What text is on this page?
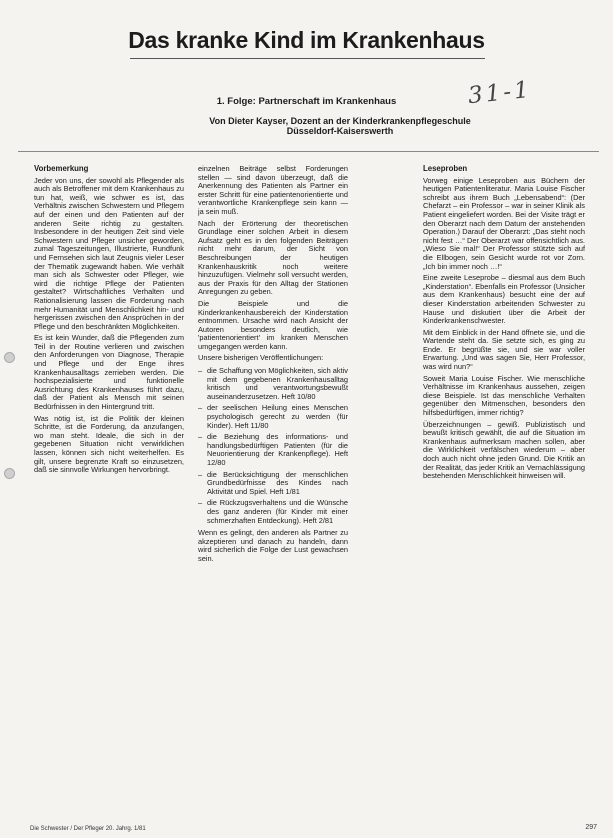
Das kranke Kind im Krankenhaus
31-1
1. Folge: Partnerschaft im Krankenhaus
Von Dieter Kayser, Dozent an der Kinderkrankenpflegeschule
Düsseldorf-Kaiserswerth
Vorbemerkung

Jeder von uns, der sowohl als Pflegender als auch als Betroffener mit dem Krankenhaus zu tun hat, weiß, wie schwer es ist, das Verhältnis zwischen Schwestern und Pflegern auf der einen und den Patienten auf der anderen Seite richtig zu gestalten. Insbesondere in der heutigen Zeit sind viele Schwestern und Pfleger unsicher geworden, zumal Tageszeitungen, Illustrierte, Rundfunk und Fernsehen sich laut Zeugnis vieler Leser der Thematik zugewandt haben. Wie verhält man sich als Schwester oder Pfleger, wie wird die richtige Pflege der Patienten gestaltet? Wirtschaftliches Verhalten und Rationalisierung lassen die Forderung nach mehr Humanität und Menschlichkeit hin- und hergerissen zwischen den Ansprüchen in der Pflege und den beschränkten Möglichkeiten.

Es ist kein Wunder, daß die Pflegenden zum Teil in der Routine verlieren und zwischen den Anforderungen von Diagnose, Therapie und Pflege und der Enge ihres Krankenhausalltags zerrieben werden. Die hochspezialisierte und funktionelle Ausrichtung des Krankenhauses führt dazu, daß der Patient als Mensch mit seinen Bedürfnissen in den Hintergrund tritt.

Was nötig ist, ist die Politik der kleinen Schritte, ist die Forderung, da anzufangen, wo man steht. Ideale, die sich in der gegebenen Situation nicht verwirklichen lassen, können sich nicht weiterhelfen. Es gilt, unsere begrenzte Kraft so einzusetzen, daß sie sinnvolle Wirkungen hervorbringt.

einzelnen Beiträge selbst Forderungen stellen — sind davon überzeugt, daß die Anerkennung des Patienten als Partner ein erster Schritt für eine patientenorientierte und verantwortliche Krankenpflege sein kann — ja sein muß.

Nach der Erörterung der theoretischen Grundlage einer solchen Arbeit in diesem Aufsatz geht es in den folgenden Beiträgen nicht mehr darum, der Sicht von Beschreibungen der heutigen Krankenhauskritik noch weitere hinzuzufügen. Vielmehr soll versucht werden, aus der Praxis für den Alltag der Stationen Anregungen zu geben.

Die Beispiele und die Kinderkrankenhausbereich der Kinderstation entnommen. Ursache wird nach Ansicht der Autoren besonders deutlich, wie 'patientenorientiert' im kranken Menschen umgegangen werden kann.

Unsere bisherigen Veröffentlichungen:

– die Schaffung von Möglichkeiten, sich aktiv mit dem gegebenen Krankenhausalltag kritisch und verantwortungsbewußt auseinanderzusetzen. Heft 10/80
– der seelischen Heilung eines Menschen psychologisch gerecht zu werden (für Kinder). Heft 11/80
– die Beziehung des informations- und handlungsbedürftigen Patienten (für die Neuorientierung der Krankenpflege). Heft 12/80
– die Berücksichtigung der menschlichen Grundbedürfnisse des Kindes nach Aktivität und Spiel. Heft 1/81
– die Rückzugsverhaltens und die Wünsche des ganz anderen (für Kinder mit einer schmerzhaften Entdeckung). Heft 2/81

Wenn es gelingt, den anderen als Partner zu akzeptieren und danach zu handeln, dann wird sicherlich die Folge der Lust gewachsen sein.

Leseproben

Vorweg einige Leseproben aus Büchern der heutigen Patientenliteratur. Maria Louise Fischer schreibt aus ihrem Buch „Lebensabend“: (Der Chefarzt – ein Professor – war in seiner Klinik als Patient eingeliefert worden. Bei der Visite trägt er den Oberarzt nach dem Datum der anstehenden Operation.) Darauf der Oberarzt: „Das steht noch nicht fest …“ Der Oberarzt war offensichtlich aus. „Wieso Sie mal!“ Der Professor stützte sich auf die Ellbogen, sein Gesicht wurde rot vor Zorn. „Ich bin immer noch …!“

Eine zweite Leseprobe – diesmal aus dem Buch „Kinderstation“. Ebenfalls ein Professor (Unsicher aus dem Krankenhaus) besucht eine der auf dieser Kinderstation arbeitenden Schwester zu Hause und diskutiert über die Arbeit der Kinderkrankenschwester.

Mit dem Einblick in der Hand öffnete sie, und die Wartende steht da. Sie setzte sich, es ging zu Ende. Er begrüßte sie, und sie war voller Erwartung. „Und was sagen Sie, Herr Professor, was wird nun?“

Soweit Maria Louise Fischer. Wie menschliche Verhältnisse im Krankenhaus aussehen, zeigen diese Beispiele. Ist das menschliche Verhalten gegenüber den Mitmenschen, besonders den hilfsbedürftigen, immer richtig?

Überzeichnungen – gewiß. Publizistisch und bewußt kritisch gewählt, die auf die Situation im Krankenhaus aufmerksam machen sollen, aber die Wirklichkeit verfälschen wiederum – aber doch auch nicht ohne jeden Grund. Die Kritik an der Realität, das jeder Kritik an Vernachlässigung bestehenden Menschlichkeit hinweisen will.

Die Schwester / Der Pfleger 20. Jahrg. 1/81	297
